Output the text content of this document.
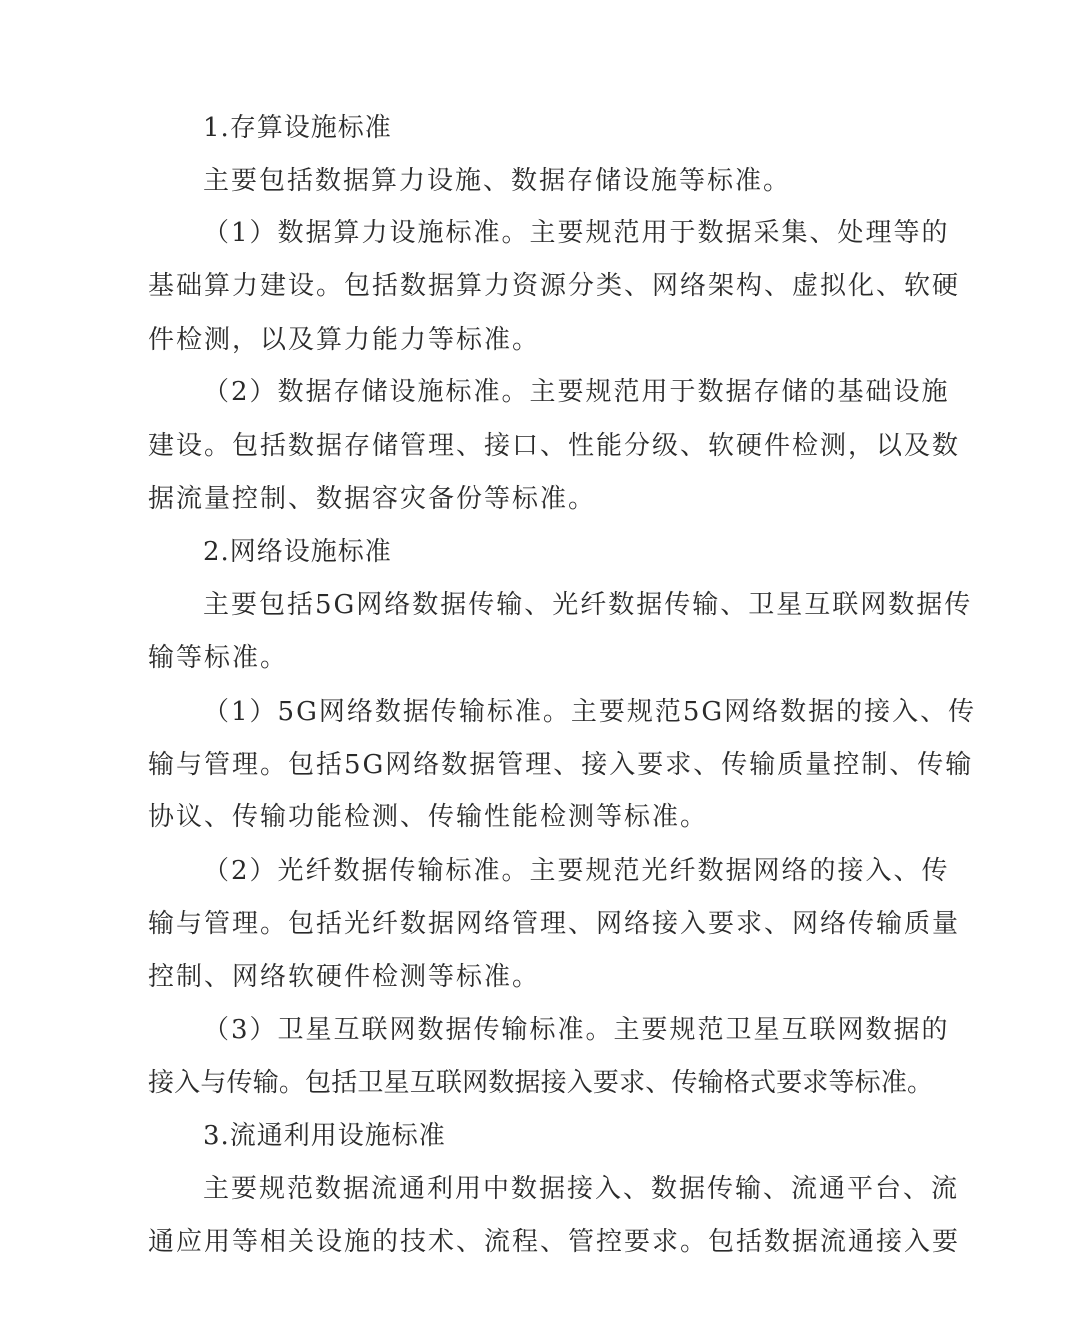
1.存算设施标准
主要包括数据算力设施、数据存储设施等标准。
（1）数据算力设施标准。主要规范用于数据采集、处理等的
基础算力建设。包括数据算力资源分类、网络架构、虚拟化、软硬
件检测，以及算力能力等标准。
（2）数据存储设施标准。主要规范用于数据存储的基础设施
建设。包括数据存储管理、接口、性能分级、软硬件检测，以及数
据流量控制、数据容灾备份等标准。
2.网络设施标准
主要包括5G网络数据传输、光纤数据传输、卫星互联网数据传
输等标准。
（1）5G网络数据传输标准。主要规范5G网络数据的接入、传
输与管理。包括5G网络数据管理、接入要求、传输质量控制、传输
协议、传输功能检测、传输性能检测等标准。
（2）光纤数据传输标准。主要规范光纤数据网络的接入、传
输与管理。包括光纤数据网络管理、网络接入要求、网络传输质量
控制、网络软硬件检测等标准。
（3）卫星互联网数据传输标准。主要规范卫星互联网数据的
接入与传输。包括卫星互联网数据接入要求、传输格式要求等标准。
3.流通利用设施标准
主要规范数据流通利用中数据接入、数据传输、流通平台、流
通应用等相关设施的技术、流程、管控要求。包括数据流通接入要
